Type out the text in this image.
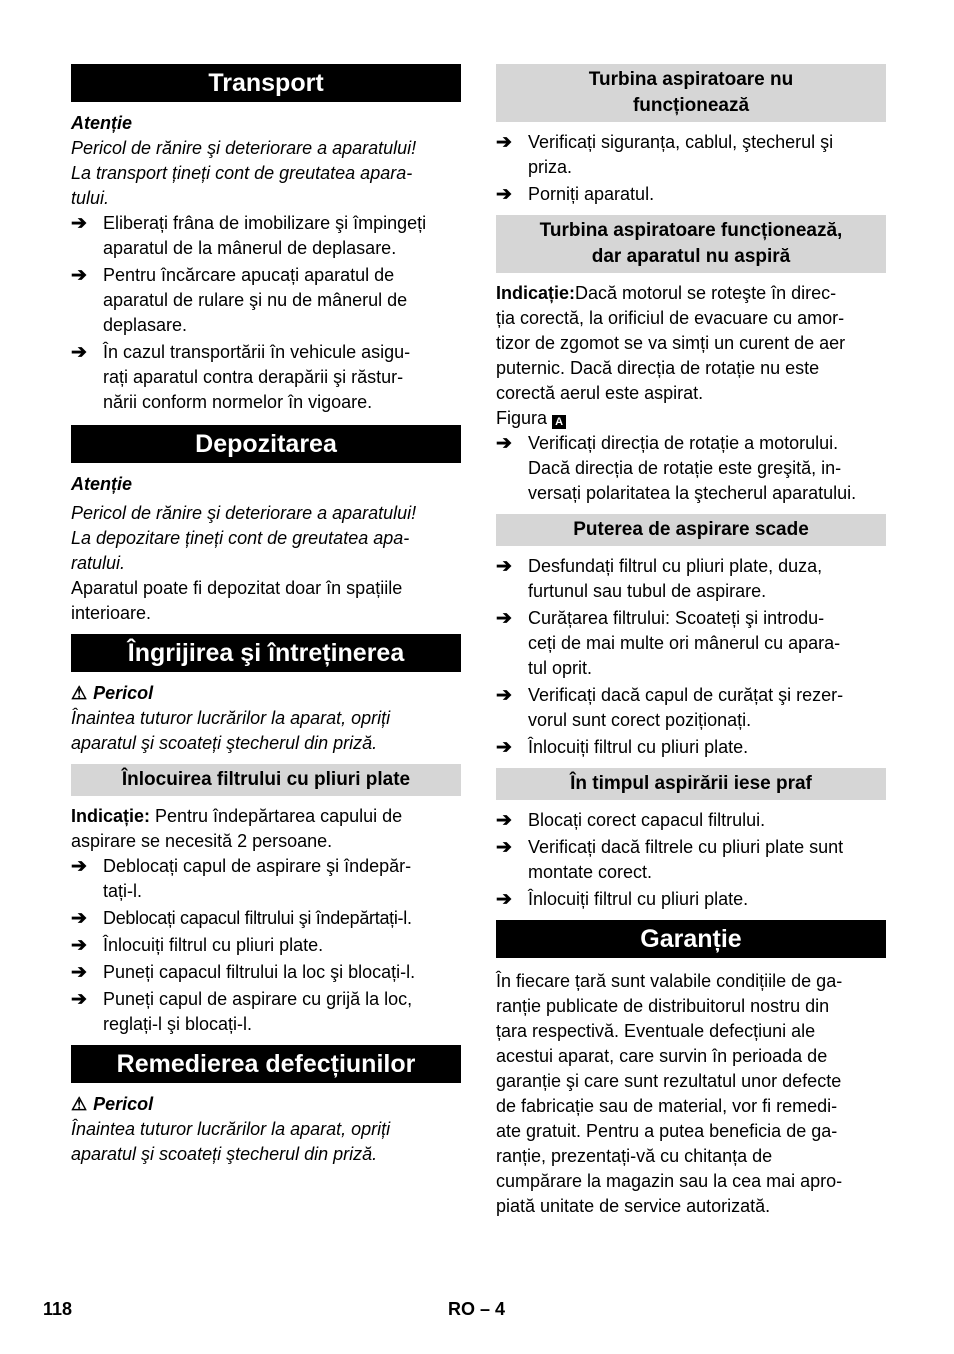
Transport

Atenție

Pericol de rănire şi deteriorare a aparatului!

La transport țineți cont de greutatea apara-

tului.

➔ Eliberați frâna de imobilizare şi împingeți
aparatul de la mânerul de deplasare.
➔ Pentru încărcare apucați aparatul de
aparatul de rulare şi nu de mânerul de
deplasare.
➔ În cazul transportării în vehicule asigu-
rați aparatul contra derapării şi răstur-
nării conform normelor în vigoare.
Depozitarea

Atenție

Pericol de rănire şi deteriorare a aparatului!

La depozitare țineți cont de greutatea apa-

ratului.

Aparatul poate fi depozitat doar în spațiile

interioare.

Îngrijirea şi întreținerea

⚠ Pericol

Înaintea tuturor lucrărilor la aparat, opriți

aparatul şi scoateți ştecherul din priză.

Înlocuirea filtrului cu pliuri plate

Indicație: Pentru îndepărtarea capului de

aspirare se necesită 2 persoane.

➔ Deblocați capul de aspirare şi îndepăr-
tați-l.
➔ Deblocați capacul filtrului şi îndepărtați-l.
➔ Înlocuiți filtrul cu pliuri plate.
➔ Puneți capacul filtrului la loc şi blocați-l.
➔ Puneți capul de aspirare cu grijă la loc,
reglați-l şi blocați-l.
Remedierea defecțiunilor

⚠ Pericol

Înaintea tuturor lucrărilor la aparat, opriți

aparatul şi scoateți ştecherul din priză.

Turbina aspiratoare nu
funcționează
➔ Verificați siguranța, cablul, ştecherul şi
priza.
➔ Porniți aparatul.
Turbina aspiratoare funcționează,
dar aparatul nu aspiră

Indicație:Dacă motorul se roteşte în direc-

ția corectă, la orificiul de evacuare cu amor-

tizor de zgomot se va simți un curent de aer

puternic. Dacă direcția de rotație nu este

corectă aerul este aspirat.

Figura A

➔ Verificați direcția de rotație a motorului.
Dacă direcția de rotație este greşită, in-
versați polaritatea la ştecherul aparatului.
Puterea de aspirare scade
➔ Desfundați filtrul cu pliuri plate, duza,
furtunul sau tubul de aspirare.
➔ Curățarea filtrului: Scoateți şi introdu-
ceți de mai multe ori mânerul cu apara-
tul oprit.
➔ Verificați dacă capul de curățat şi rezer-
vorul sunt corect poziționați.
➔ Înlocuiți filtrul cu pliuri plate.
În timpul aspirării iese praf
➔ Blocați corect capacul filtrului.
➔ Verificați dacă filtrele cu pliuri plate sunt
montate corect.
➔ Înlocuiți filtrul cu pliuri plate.
Garanție

În fiecare țară sunt valabile condițiile de ga-

ranție publicate de distribuitorul nostru din

țara respectivă. Eventuale defecțiuni ale

acestui aparat, care survin în perioada de

garanție şi care sunt rezultatul unor defecte

de fabricație sau de material, vor fi remedi-

ate gratuit. Pentru a putea beneficia de ga-

ranție, prezentați-vă cu chitanța de

cumpărare la magazin sau la cea mai apro-

piată unitate de service autorizată.

118	RO – 4
